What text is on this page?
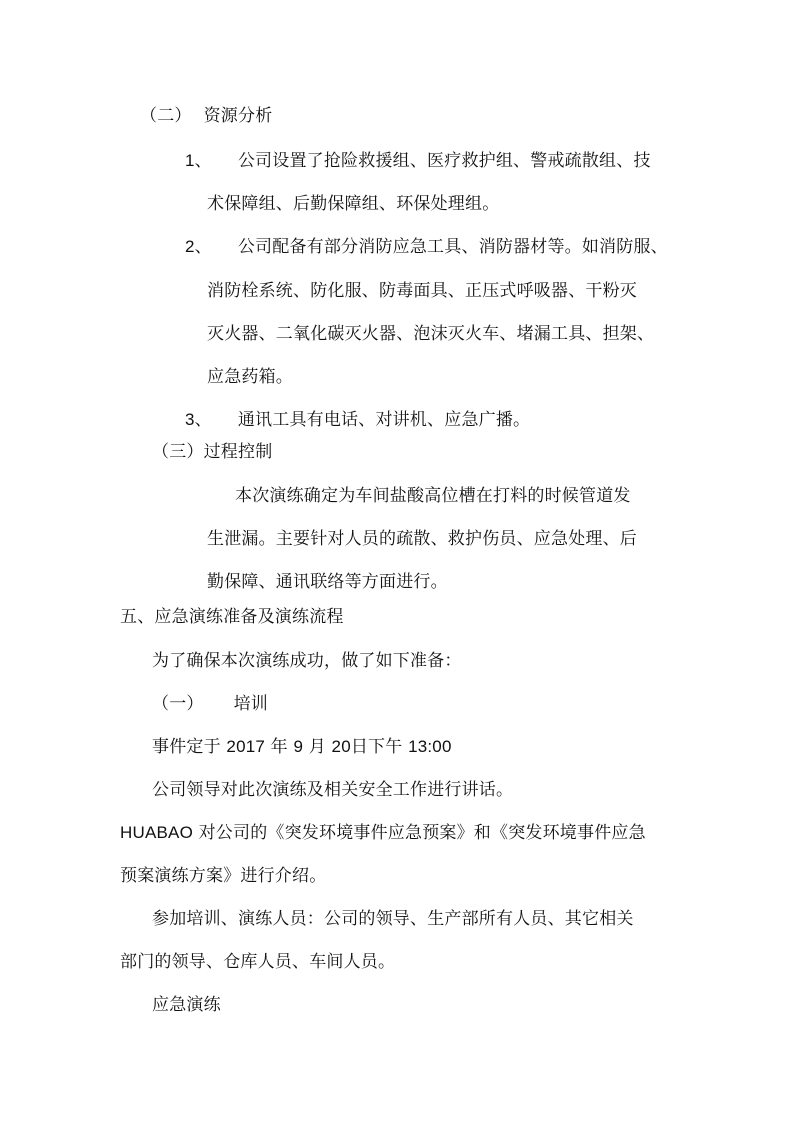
（二） 资源分析
1、 公司设置了抢险救援组、医疗救护组、警戒疏散组、技
术保障组、后勤保障组、环保处理组。
2、 公司配备有部分消防应急工具、消防器材等。如消防服、
消防栓系统、防化服、防毒面具、正压式呼吸器、干粉灭
灭火器、二氧化碳灭火器、泡沫灭火车、堵漏工具、担架、
应急药箱。
3、 通讯工具有电话、对讲机、应急广播。
（三）过程控制
本次演练确定为车间盐酸高位槽在打料的时候管道发
生泄漏。主要针对人员的疏散、救护伤员、应急处理、后
勤保障、通讯联络等方面进行。
五、应急演练准备及演练流程
为了确保本次演练成功，做了如下准备：
（一） 培训
事件定于 2017 年 9 月 20日下午 13:00
公司领导对此次演练及相关安全工作进行讲话。
HUABAO 对公司的《突发环境事件应急预案》和《突发环境事件应急
预案演练方案》进行介绍。
参加培训、演练人员：公司的领导、生产部所有人员、其它相关
部门的领导、仓库人员、车间人员。
应急演练
